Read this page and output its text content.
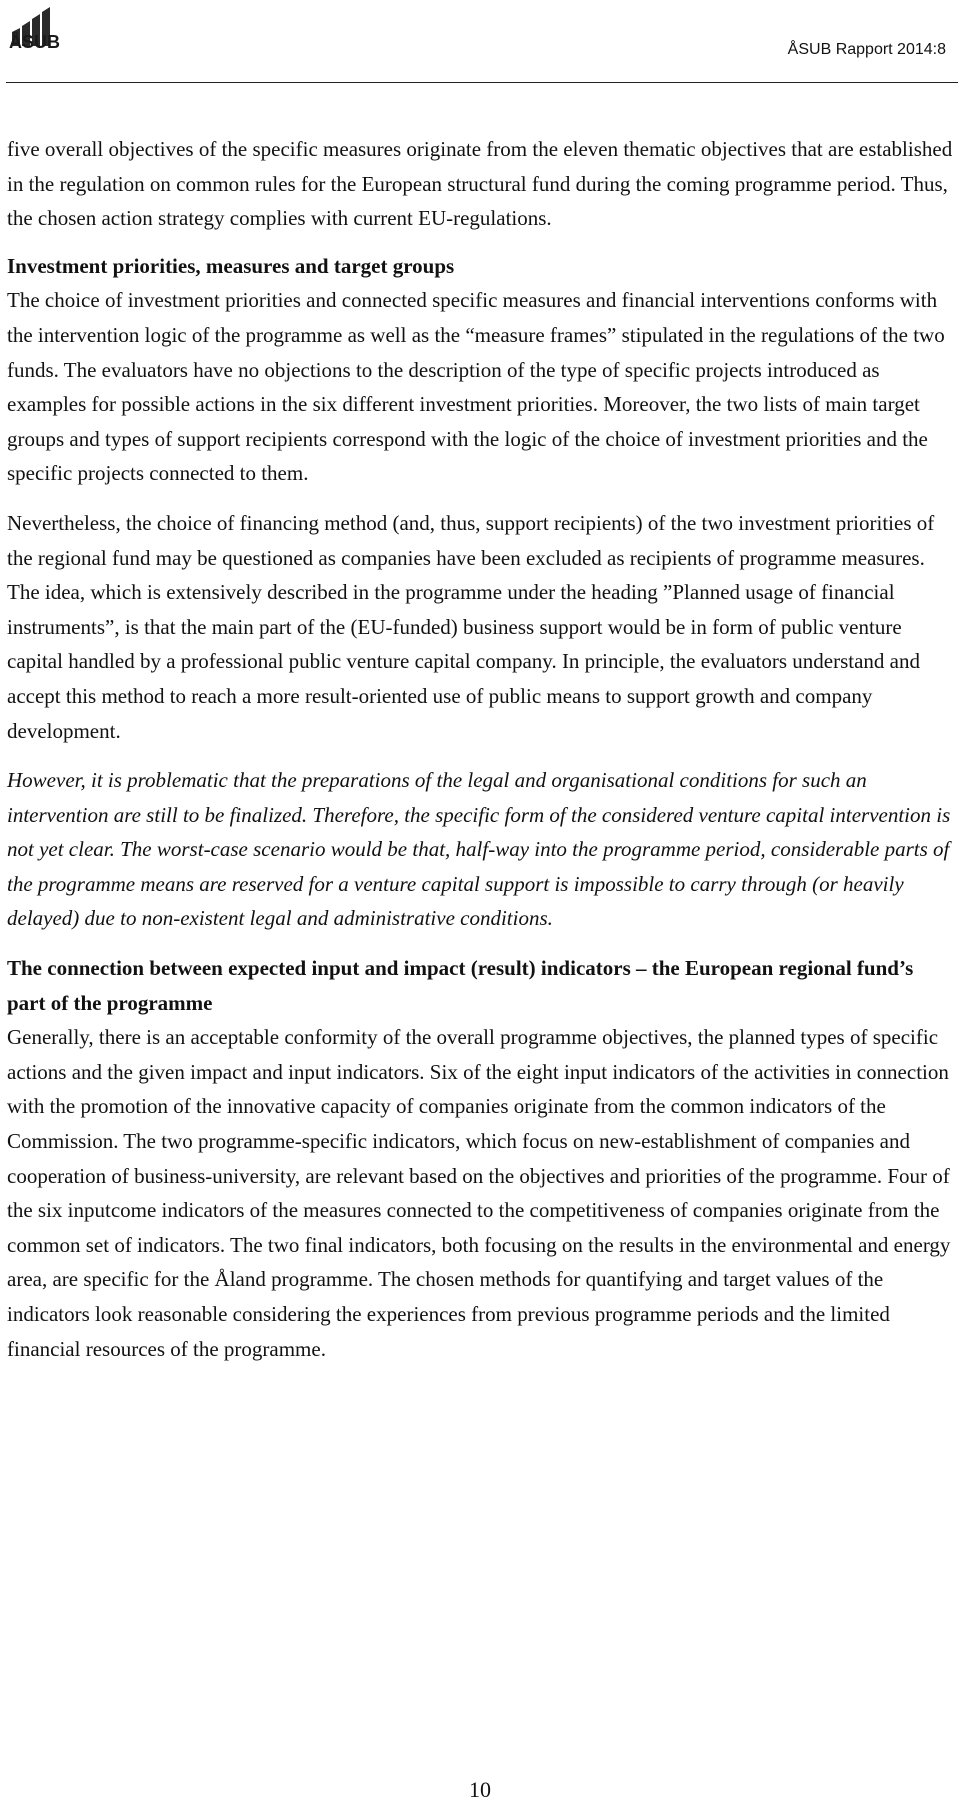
ÅSUB	ÅSUB Rapport 2014:8

five overall objectives of the specific measures originate from the eleven thematic objectives that are established in the regulation on common rules for the European structural fund during the coming programme period. Thus, the chosen action strategy complies with current EU-regulations.

Investment priorities, measures and target groups

The choice of investment priorities and connected specific measures and financial interventions conforms with the intervention logic of the programme as well as the “measure frames” stipulated in the regulations of the two funds. The evaluators have no objections to the description of the type of specific projects introduced as examples for possible actions in the six different investment priorities. Moreover, the two lists of main target groups and types of support recipients correspond with the logic of the choice of investment priorities and the specific projects connected to them.

Nevertheless, the choice of financing method (and, thus, support recipients) of the two investment priorities of the regional fund may be questioned as companies have been excluded as recipients of programme measures. The idea, which is extensively described in the programme under the heading ”Planned usage of financial instruments”, is that the main part of the (EU-funded) business support would be in form of public venture capital handled by a professional public venture capital company. In principle, the evaluators understand and accept this method to reach a more result-oriented use of public means to support growth and company development.

However, it is problematic that the preparations of the legal and organisational conditions for such an intervention are still to be finalized. Therefore, the specific form of the considered venture capital intervention is not yet clear. The worst-case scenario would be that, half-way into the programme period, considerable parts of the programme means are reserved for a venture capital support is impossible to carry through (or heavily delayed) due to non-existent legal and administrative conditions.

The connection between expected input and impact (result) indicators – the European regional fund’s part of the programme

Generally, there is an acceptable conformity of the overall programme objectives, the planned types of specific actions and the given impact and input indicators. Six of the eight input indicators of the activities in connection with the promotion of the innovative capacity of companies originate from the common indicators of the Commission. The two programme-specific indicators, which focus on new-establishment of companies and cooperation of business-university, are relevant based on the objectives and priorities of the programme. Four of the six inputcome indicators of the measures connected to the competitiveness of companies originate from the common set of indicators. The two final indicators, both focusing on the results in the environmental and energy area, are specific for the Åland programme. The chosen methods for quantifying and target values of the indicators look reasonable considering the experiences from previous programme periods and the limited financial resources of the programme.

10
